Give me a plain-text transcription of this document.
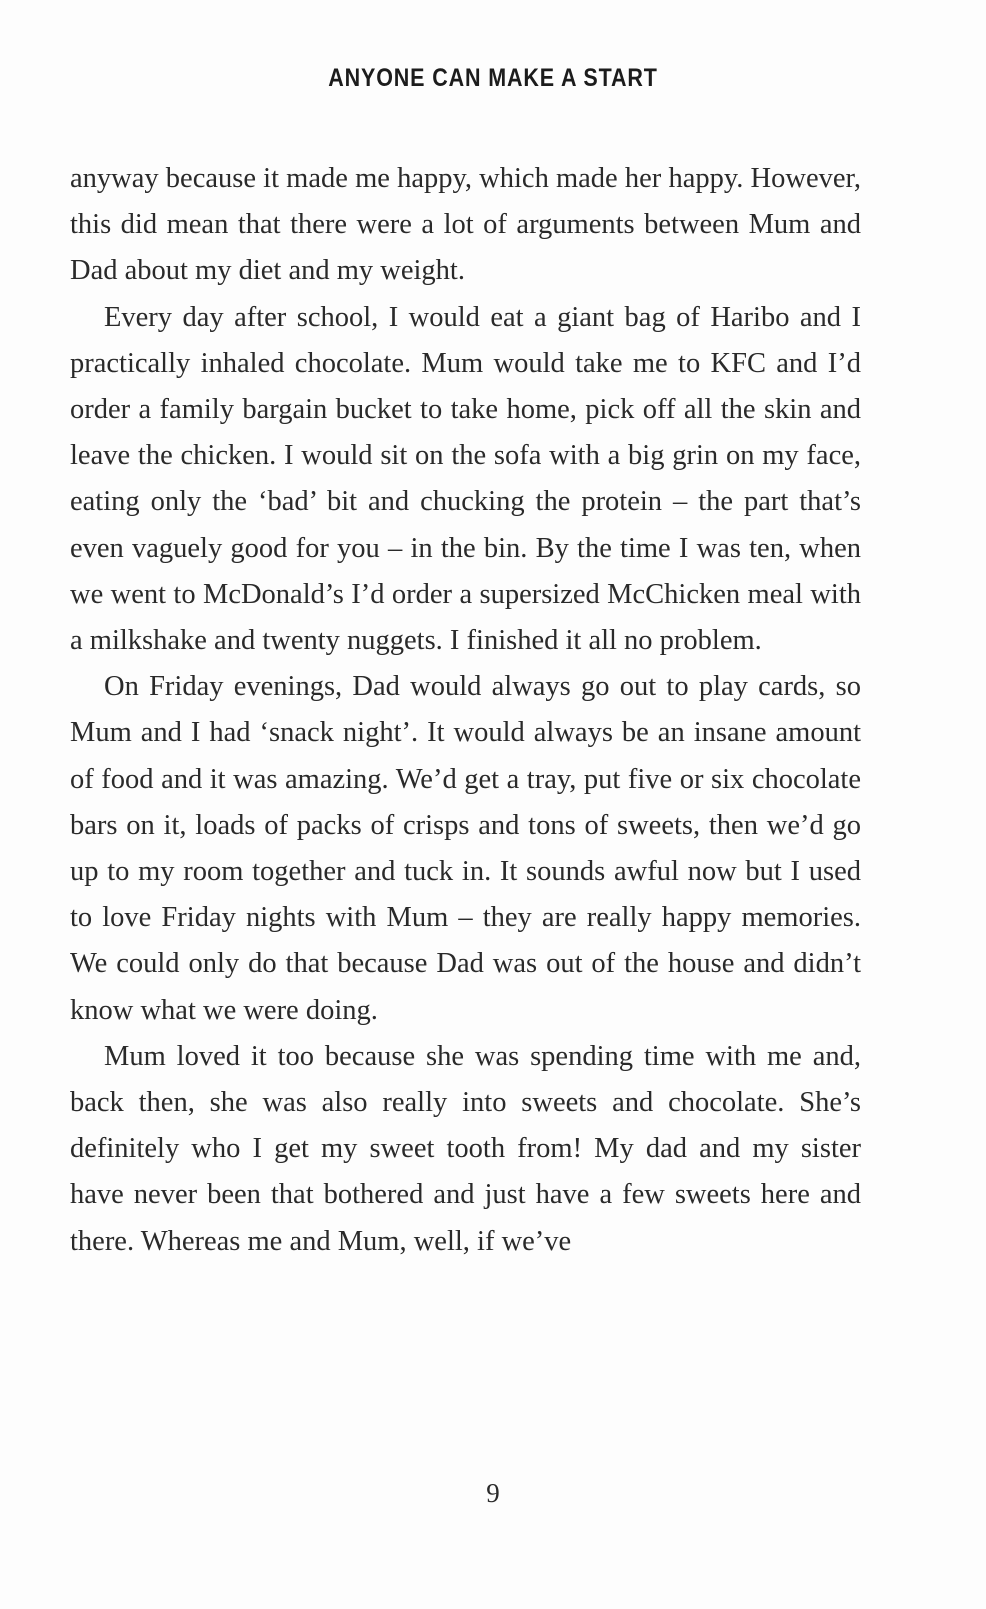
ANYONE CAN MAKE A START

anyway because it made me happy, which made her happy. However, this did mean that there were a lot of arguments between Mum and Dad about my diet and my weight.

Every day after school, I would eat a giant bag of Haribo and I practically inhaled chocolate. Mum would take me to KFC and I’d order a family bargain bucket to take home, pick off all the skin and leave the chicken. I would sit on the sofa with a big grin on my face, eating only the ‘bad’ bit and chucking the protein – the part that’s even vaguely good for you – in the bin. By the time I was ten, when we went to McDonald’s I’d order a supersized McChicken meal with a milkshake and twenty nuggets. I finished it all no problem.

On Friday evenings, Dad would always go out to play cards, so Mum and I had ‘snack night’. It would always be an insane amount of food and it was amazing. We’d get a tray, put five or six chocolate bars on it, loads of packs of crisps and tons of sweets, then we’d go up to my room together and tuck in. It sounds awful now but I used to love Friday nights with Mum – they are really happy memories. We could only do that because Dad was out of the house and didn’t know what we were doing.

Mum loved it too because she was spending time with me and, back then, she was also really into sweets and chocolate. She’s definitely who I get my sweet tooth from! My dad and my sister have never been that bothered and just have a few sweets here and there. Whereas me and Mum, well, if we’ve

9
